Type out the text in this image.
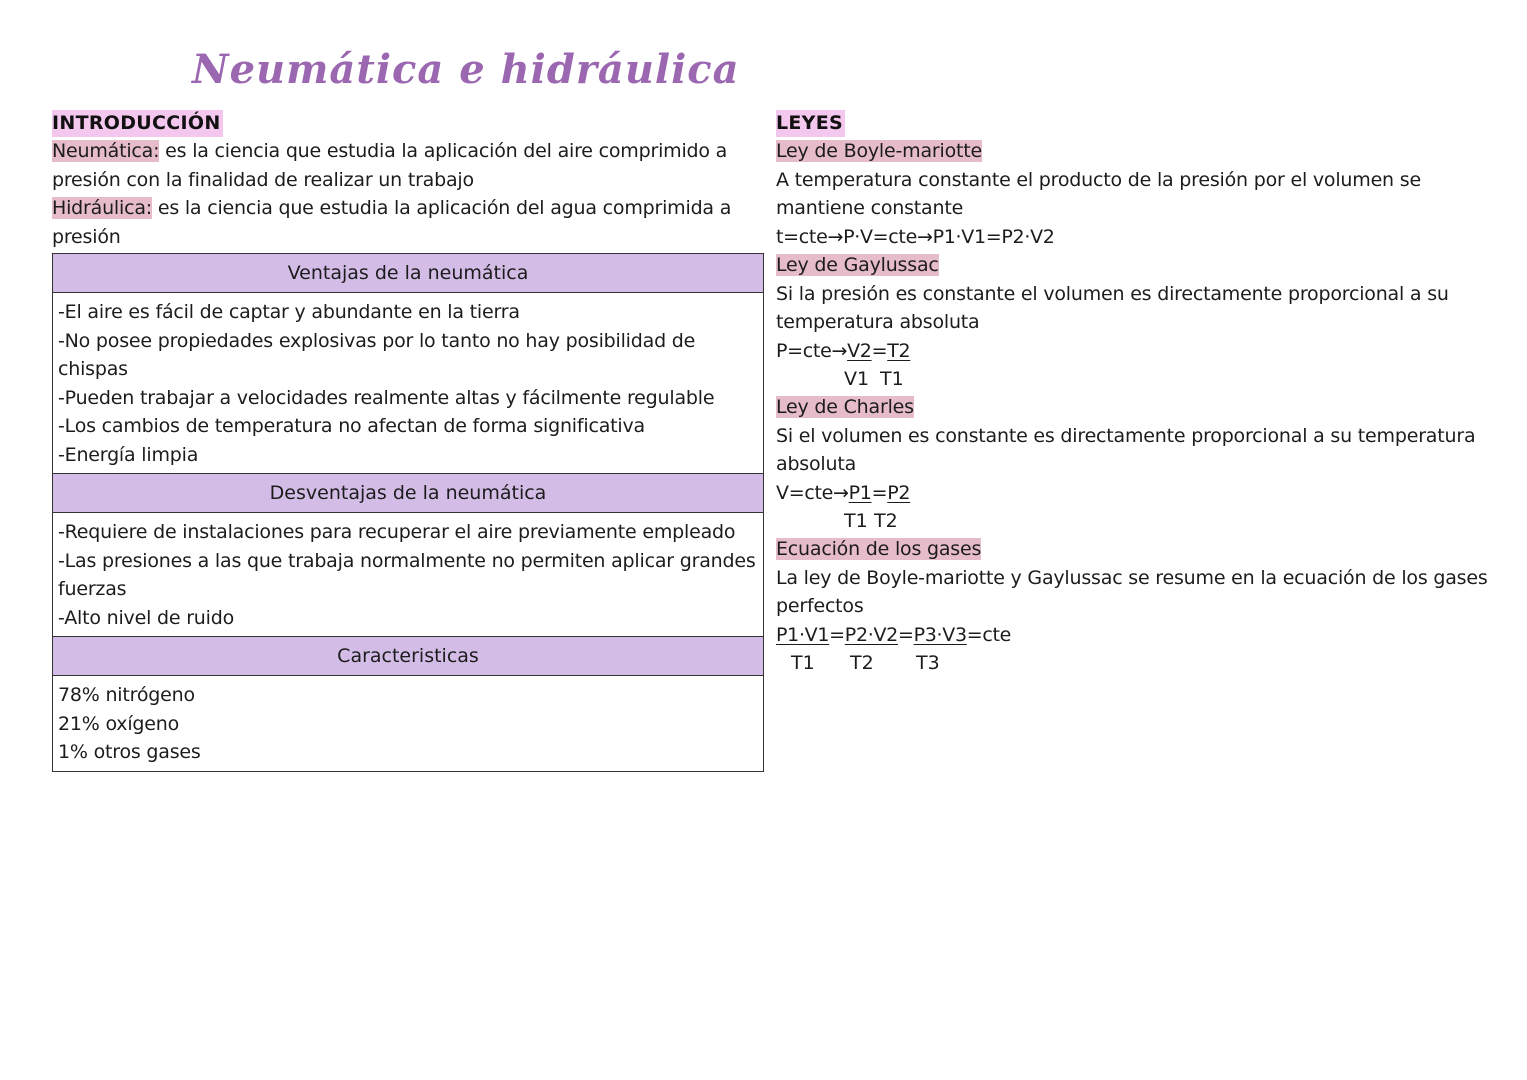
Neumática e hidráulica
INTRODUCCIÓN
Neumática: es la ciencia que estudia la aplicación del aire comprimido a
presión con la finalidad de realizar un trabajo
Hidráulica: es la ciencia que estudia la aplicación del agua comprimida a
presión
Ventajas de la neumática
-El aire es fácil de captar y abundante en la tierra
-No posee propiedades explosivas por lo tanto no hay posibilidad de
chispas
-Pueden trabajar a velocidades realmente altas y fácilmente regulable
-Los cambios de temperatura no afectan de forma significativa
-Energía limpia
Desventajas de la neumática
-Requiere de instalaciones para recuperar el aire previamente empleado
-Las presiones a las que trabaja normalmente no permiten aplicar grandes
fuerzas
-Alto nivel de ruido
Caracteristicas
78% nitrógeno
21% oxígeno
1% otros gases
LEYES
Ley de Boyle-mariotte
A temperatura constante el producto de la presión por el volumen se
mantiene constante
t=cte→P·V=cte→P1·V1=P2·V2
Ley de Gaylussac
Si la presión es constante el volumen es directamente proporcional a su
temperatura absoluta
P=cte→V2=T2
V1 T1

Ley de Charles
Si el volumen es constante es directamente proporcional a su temperatura
absoluta
V=cte→P1=P2
T1 T2

Ecuación de los gases
La ley de Boyle-mariotte y Gaylussac se resume en la ecuación de los gases
perfectos
P1·V1=P2·V2=P3·V3=cte
T1 T2 T3
